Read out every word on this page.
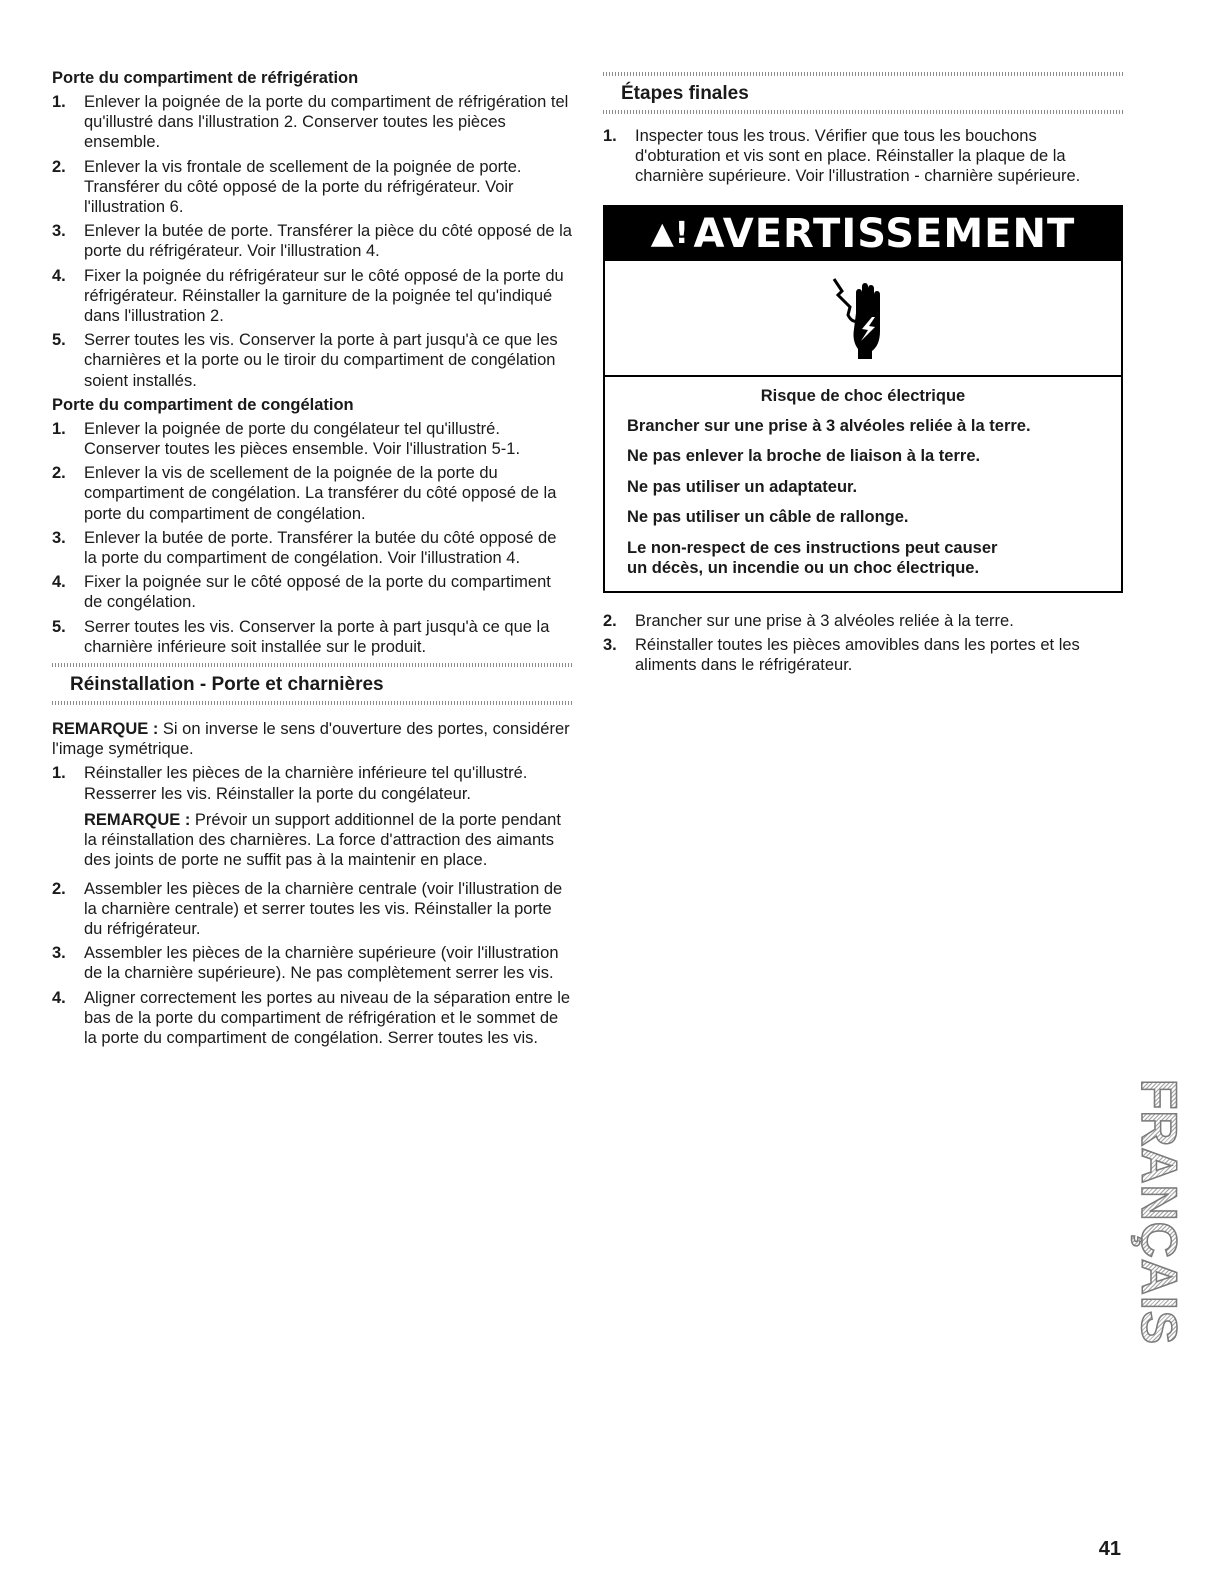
Porte du compartiment de réfrigération
1.	Enlever la poignée de la porte du compartiment de réfrigération tel qu'illustré dans l'illustration 2. Conserver toutes les pièces ensemble.
2.	Enlever la vis frontale de scellement de la poignée de porte. Transférer du côté opposé de la porte du réfrigérateur. Voir l'illustration 6.
3.	Enlever la butée de porte. Transférer la pièce du côté opposé de la porte du réfrigérateur. Voir l'illustration 4.
4.	Fixer la poignée du réfrigérateur sur le côté opposé de la porte du réfrigérateur. Réinstaller la garniture de la poignée tel qu'indiqué dans l'illustration 2.
5.	Serrer toutes les vis. Conserver la porte à part jusqu'à ce que les charnières et la porte ou le tiroir du compartiment de congélation soient installés.
Porte du compartiment de congélation
1.	Enlever la poignée de porte du congélateur tel qu'illustré. Conserver toutes les pièces ensemble. Voir l'illustration 5-1.
2.	Enlever la vis de scellement de la poignée de la porte du compartiment de congélation. La transférer du côté opposé de la porte du compartiment de congélation.
3.	Enlever la butée de porte. Transférer la butée du côté opposé de la porte du compartiment de congélation. Voir l'illustration 4.
4.	Fixer la poignée sur le côté opposé de la porte du compartiment de congélation.
5.	Serrer toutes les vis. Conserver la porte à part jusqu'à ce que la charnière inférieure soit installée sur le produit.
Réinstallation - Porte et charnières

REMARQUE : Si on inverse le sens d'ouverture des portes, considérer l'image symétrique.

1.	Réinstaller les pièces de la charnière inférieure tel qu'illustré. Resserrer les vis. Réinstaller la porte du congélateur.
REMARQUE : Prévoir un support additionnel de la porte pendant la réinstallation des charnières. La force d'attraction des aimants des joints de porte ne suffit pas à la maintenir en place.
2.	Assembler les pièces de la charnière centrale (voir l'illustration de la charnière centrale) et serrer toutes les vis. Réinstaller la porte du réfrigérateur.
3.	Assembler les pièces de la charnière supérieure (voir l'illustration de la charnière supérieure). Ne pas complètement serrer les vis.
4.	Aligner correctement les portes au niveau de la séparation entre le bas de la porte du compartiment de réfrigération et le sommet de la porte du compartiment de congélation. Serrer toutes les vis.
Étapes finales
1.	Inspecter tous les trous. Vérifier que tous les bouchons d'obturation et vis sont en place. Réinstaller la plaque de la charnière supérieure. Voir l'illustration - charnière supérieure.
▲! AVERTISSEMENT
Risque de choc électrique

Brancher sur une prise à 3 alvéoles reliée à la terre.

Ne pas enlever la broche de liaison à la terre.

Ne pas utiliser un adaptateur.

Ne pas utiliser un câble de rallonge.

Le non-respect de ces instructions peut causer un décès, un incendie ou un choc électrique.

2.	Brancher sur une prise à 3 alvéoles reliée à la terre.
3.	Réinstaller toutes les pièces amovibles dans les portes et les aliments dans le réfrigérateur.
FRANÇAIS
41
